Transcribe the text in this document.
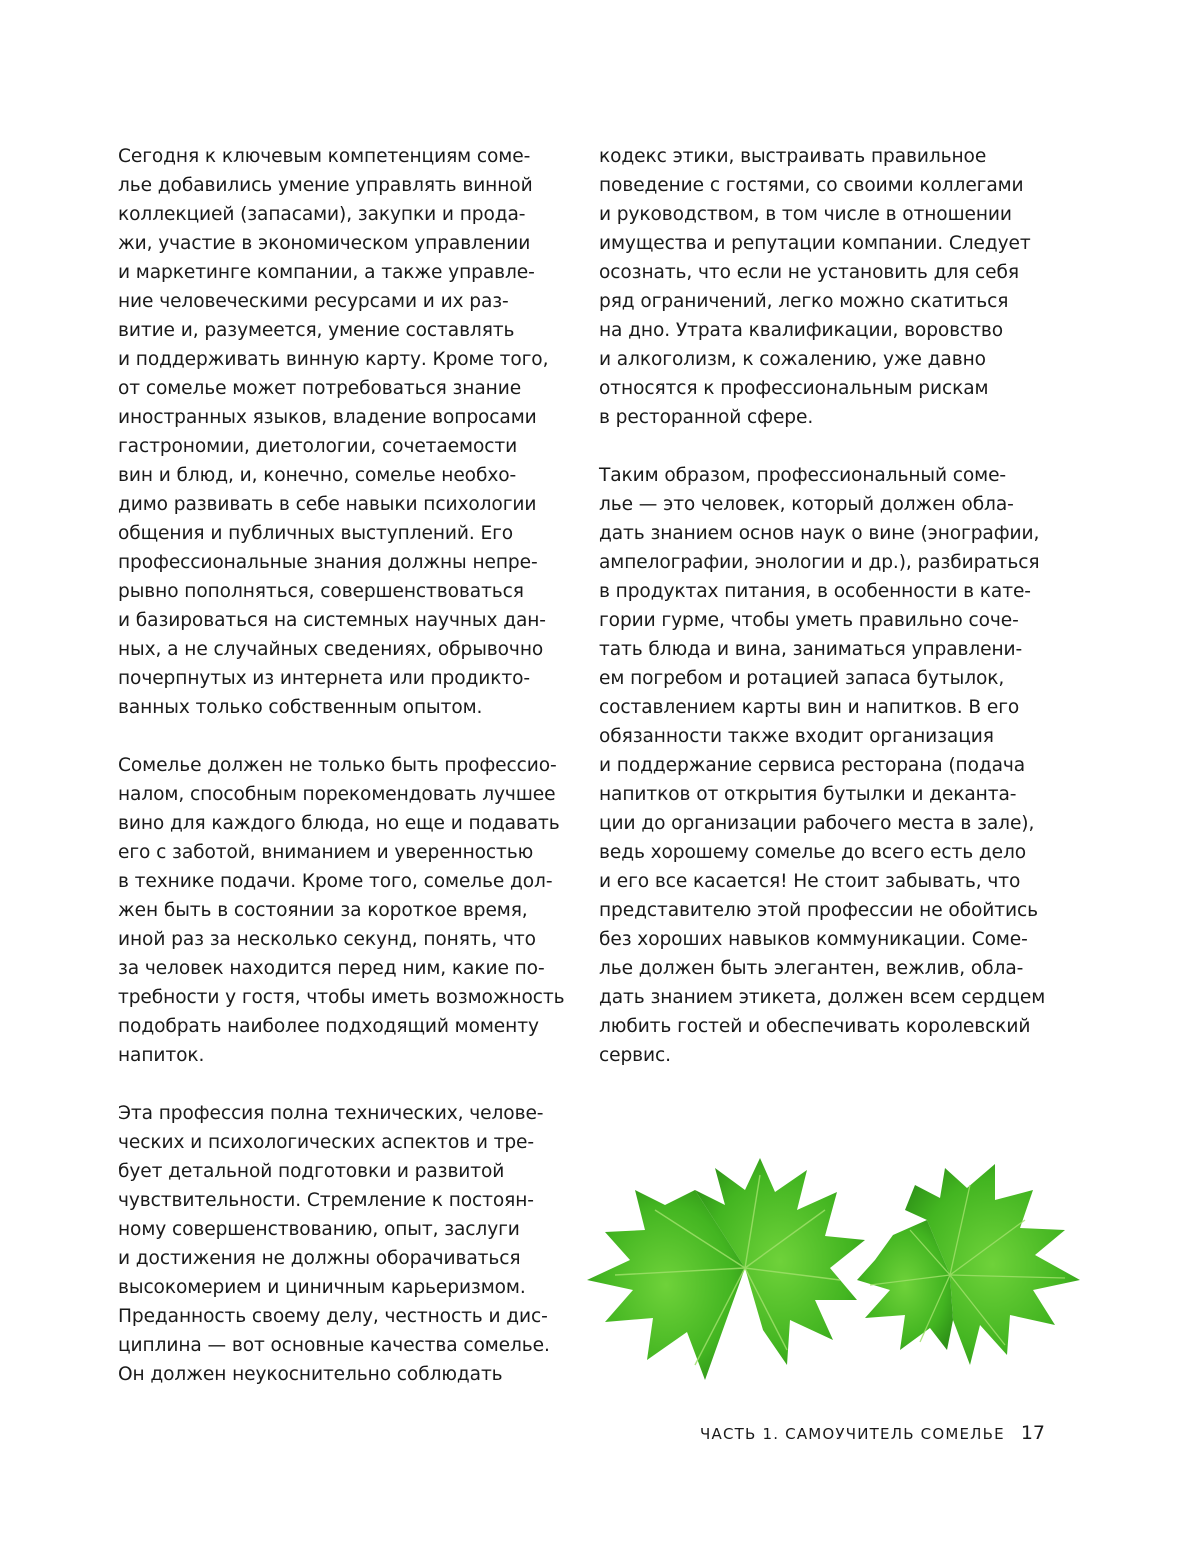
Сегодня к ключевым компетенциям соме-
лье добавились умение управлять винной
коллекцией (запасами), закупки и прода-
жи, участие в экономическом управлении
и маркетинге компании, а также управле-
ние человеческими ресурсами и их раз-
витие и, разумеется, умение составлять
и поддерживать винную карту. Кроме того,
от сомелье может потребоваться знание
иностранных языков, владение вопросами
гастрономии, диетологии, сочетаемости
вин и блюд, и, конечно, сомелье необхо-
димо развивать в себе навыки психологии
общения и публичных выступлений. Его
профессиональные знания должны непре-
рывно пополняться, совершенствоваться
и базироваться на системных научных дан-
ных, а не случайных сведениях, обрывочно
почерпнутых из интернета или продикто-
ванных только собственным опытом.
Сомелье должен не только быть профессио-
налом, способным порекомендовать лучшее
вино для каждого блюда, но еще и подавать
его с заботой, вниманием и уверенностью
в технике подачи. Кроме того, сомелье дол-
жен быть в состоянии за короткое время,
иной раз за несколько секунд, понять, что
за человек находится перед ним, какие по-
требности у гостя, чтобы иметь возможность
подобрать наиболее подходящий моменту
напиток.
Эта профессия полна технических, челове-
ческих и психологических аспектов и тре-
бует детальной подготовки и развитой
чувствительности. Стремление к постоян-
ному совершенствованию, опыт, заслуги
и достижения не должны оборачиваться
высокомерием и циничным карьеризмом.
Преданность своему делу, честность и дис-
циплина — вот основные качества сомелье.
Он должен неукоснительно соблюдать
кодекс этики, выстраивать правильное
поведение с гостями, со своими коллегами
и руководством, в том числе в отношении
имущества и репутации компании. Следует
осознать, что если не установить для себя
ряд ограничений, легко можно скатиться
на дно. Утрата квалификации, воровство
и алкоголизм, к сожалению, уже давно
относятся к профессиональным рискам
в ресторанной сфере.
Таким образом, профессиональный соме-
лье — это человек, который должен обла-
дать знанием основ наук о вине (энографии,
ампелографии, энологии и др.), разбираться
в продуктах питания, в особенности в кате-
гории гурме, чтобы уметь правильно соче-
тать блюда и вина, заниматься управлени-
ем погребом и ротацией запаса бутылок,
составлением карты вин и напитков. В его
обязанности также входит организация
и поддержание сервиса ресторана (подача
напитков от открытия бутылки и деканта-
ции до организации рабочего места в зале),
ведь хорошему сомелье до всего есть дело
и его все касается! Не стоит забывать, что
представителю этой профессии не обойтись
без хороших навыков коммуникации. Соме-
лье должен быть элегантен, вежлив, обла-
дать знанием этикета, должен всем сердцем
любить гостей и обеспечивать королевский
сервис.
ЧАСТЬ 1. САМОУЧИТЕЛЬ СОМЕЛЬЕ 17
